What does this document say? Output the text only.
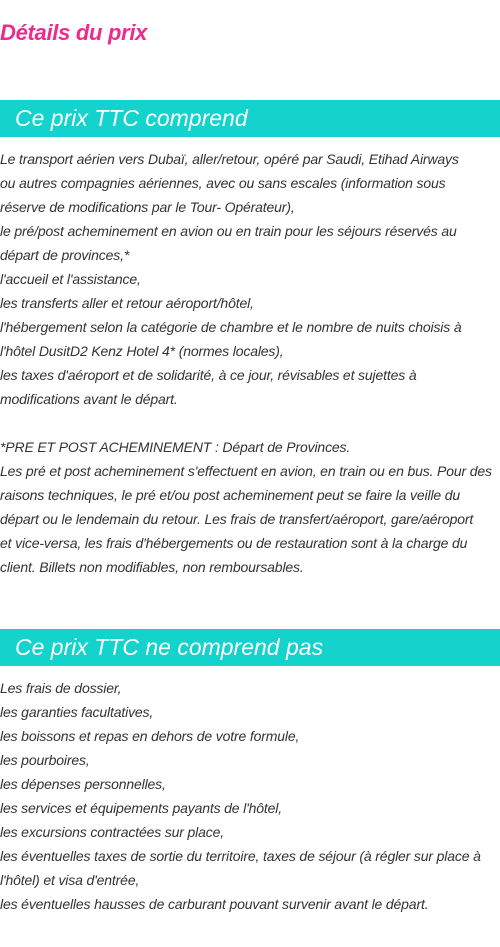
Détails du prix
Ce prix TTC comprend
Le transport aérien vers Dubaï, aller/retour, opéré par Saudi, Etihad Airways
ou autres compagnies aériennes, avec ou sans escales (information sous
réserve de modifications par le Tour- Opérateur),
le pré/post acheminement en avion ou en train pour les séjours réservés au
départ de provinces,*
l'accueil et l'assistance,
les transferts aller et retour aéroport/hôtel,
l'hébergement selon la catégorie de chambre et le nombre de nuits choisis à
l'hôtel DusitD2 Kenz Hotel 4* (normes locales),
les taxes d'aéroport et de solidarité, à ce jour, révisables et sujettes à
modifications avant le départ.
*PRE ET POST ACHEMINEMENT : Départ de Provinces.
Les pré et post acheminement s'effectuent en avion, en train ou en bus. Pour des
raisons techniques, le pré et/ou post acheminement peut se faire la veille du
départ ou le lendemain du retour. Les frais de transfert/aéroport, gare/aéroport
et vice-versa, les frais d'hébergements ou de restauration sont à la charge du
client. Billets non modifiables, non remboursables.
Ce prix TTC ne comprend pas
Les frais de dossier,
les garanties facultatives,
les boissons et repas en dehors de votre formule,
les pourboires,
les dépenses personnelles,
les services et équipements payants de l'hôtel,
les excursions contractées sur place,
les éventuelles taxes de sortie du territoire, taxes de séjour (à régler sur place à
l'hôtel) et visa d'entrée,
les éventuelles hausses de carburant pouvant survenir avant le départ.
